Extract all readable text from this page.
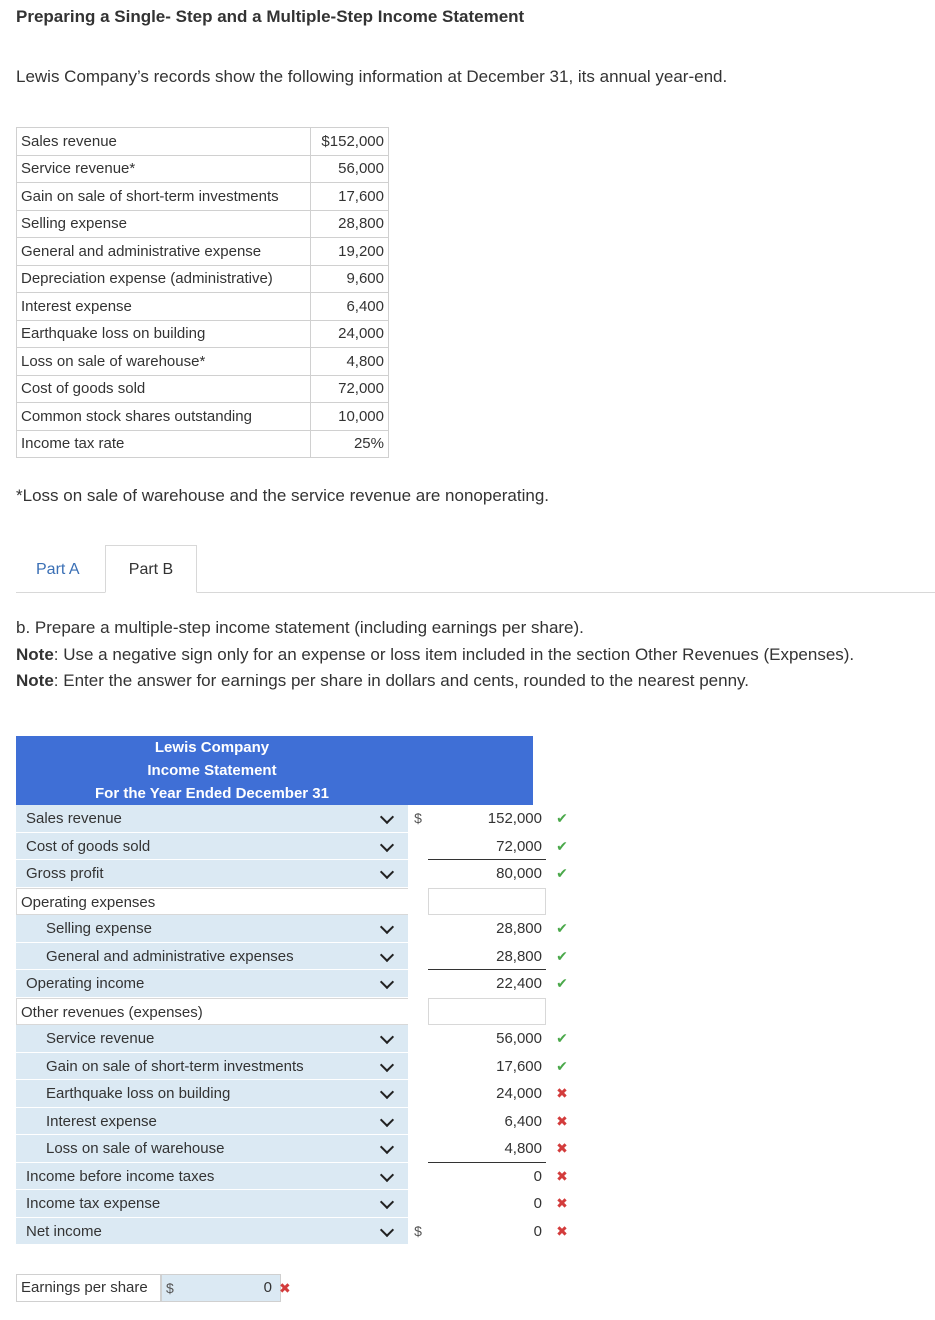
Preparing a Single- Step and a Multiple-Step Income Statement
Lewis Company’s records show the following information at December 31, its annual year-end.
Sales revenue	$152,000
Service revenue*	56,000
Gain on sale of short-term investments	17,600
Selling expense	28,800
General and administrative expense	19,200
Depreciation expense (administrative)	9,600
Interest expense	6,400
Earthquake loss on building	24,000
Loss on sale of warehouse*	4,800
Cost of goods sold	72,000
Common stock shares outstanding	10,000
Income tax rate	25%
*Loss on sale of warehouse and the service revenue are nonoperating.
Part A	Part B
b. Prepare a multiple-step income statement (including earnings per share).
Note: Use a negative sign only for an expense or loss item included in the section Other Revenues (Expenses).
Note: Enter the answer for earnings per share in dollars and cents, rounded to the nearest penny.
Lewis Company
Income Statement
For the Year Ended December 31
Sales revenue	$	152,000 ✔
Cost of goods sold	72,000 ✔
Gross profit	80,000 ✔
Operating expenses
Selling expense	28,800 ✔
General and administrative expenses	28,800 ✔
Operating income	22,400 ✔
Other revenues (expenses)
Service revenue	56,000 ✔
Gain on sale of short-term investments	17,600 ✔
Earthquake loss on building	24,000 ✖
Interest expense	6,400 ✖
Loss on sale of warehouse	4,800 ✖
Income before income taxes	0 ✖
Income tax expense	0 ✖
Net income	$	0 ✖
Earnings per share	$	0 ✖
